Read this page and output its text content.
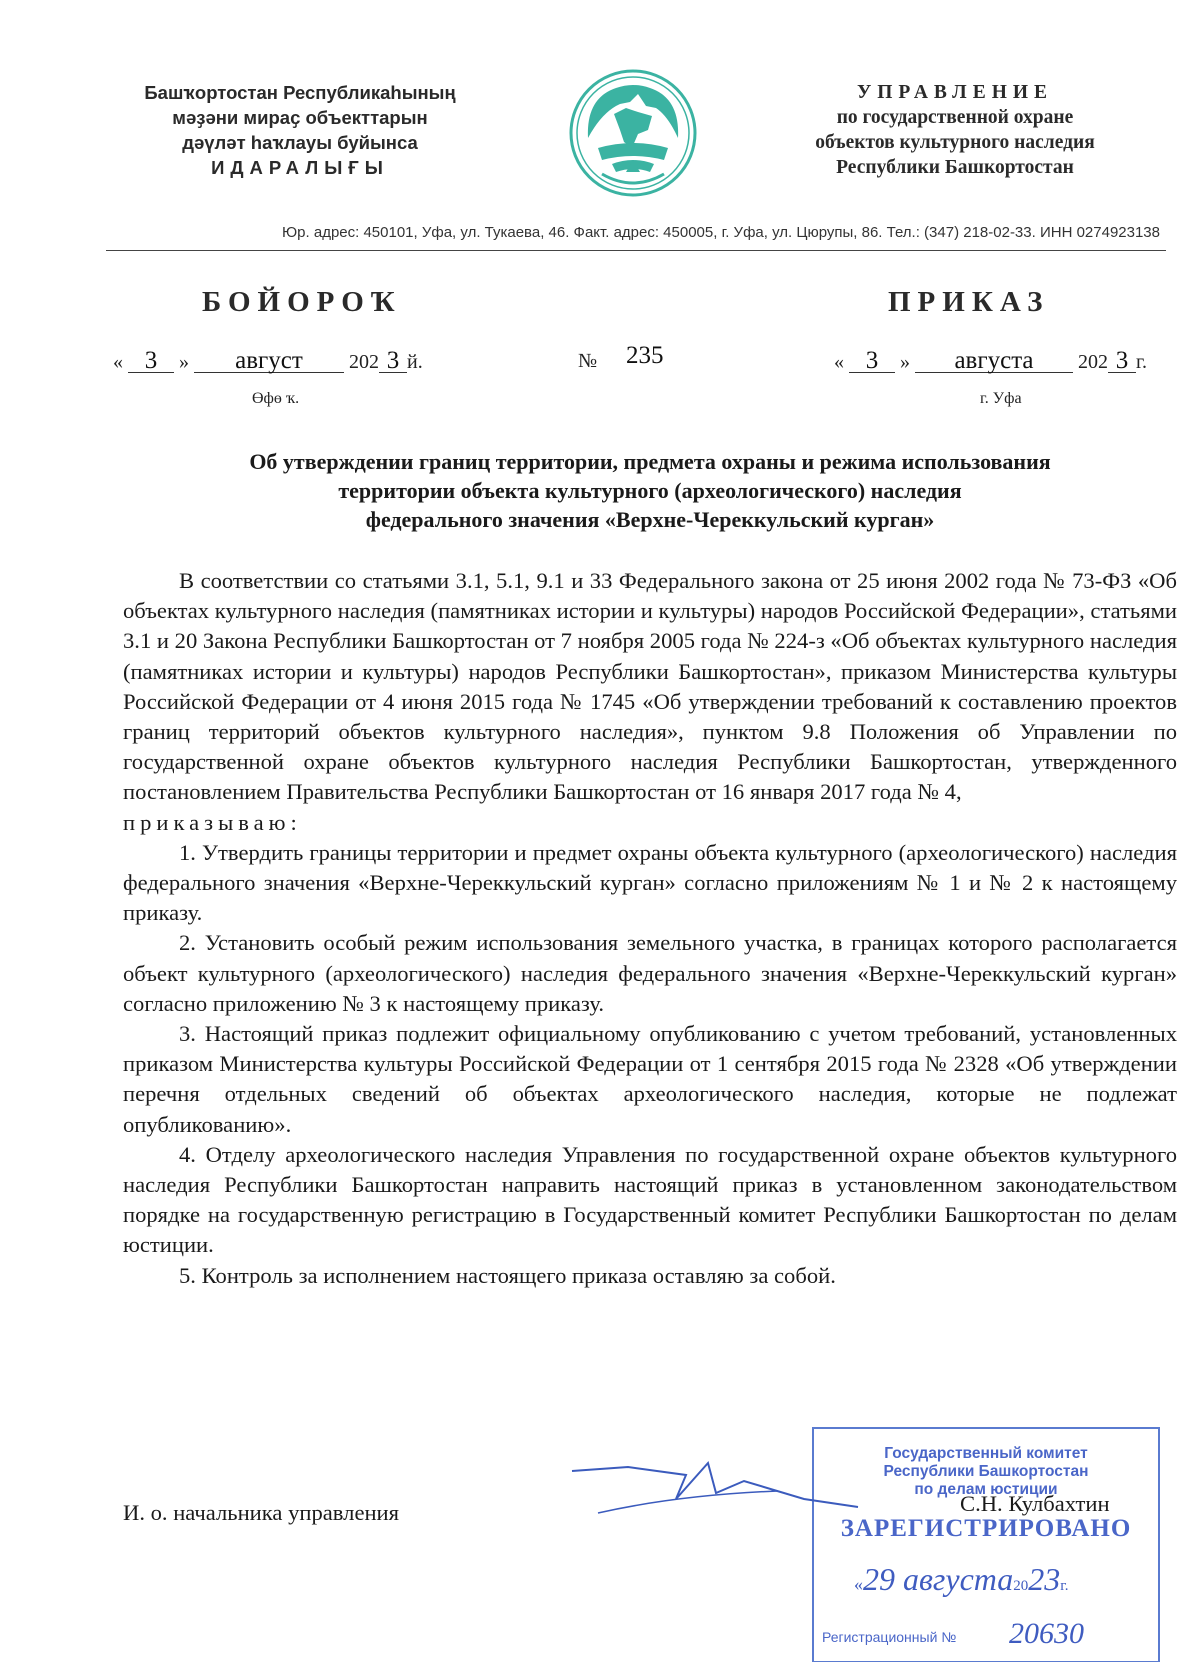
Башҡортостан Республикаһының
мәҙәни мираҫ объекттарын
дәүләт һаҡлауы буйынса
ИДАРАЛЫҒЫ
УПРАВЛЕНИЕ
по государственной охране
объектов культурного наследия
Республики Башкортостан
Юр. адрес: 450101, Уфа, ул. Тукаева, 46. Факт. адрес: 450005, г. Уфа, ул. Цюрупы, 86. Тел.: (347) 218-02-33. ИНН 0274923138
БОЙОРОҠ	ПРИКАЗ
« 3 » август 202 3 й.	№ 235	« 3 » августа 202 3 г.
Өфө ҡ.	г. Уфа
Об утверждении границ территории, предмета охраны и режима использования
территории объекта культурного (археологического) наследия
федерального значения «Верхне-Череккульский курган»

В соответствии со статьями 3.1, 5.1, 9.1 и 33 Федерального закона от 25 июня 2002 года № 73-ФЗ «Об объектах культурного наследия (памятниках истории и культуры) народов Российской Федерации», статьями 3.1 и 20 Закона Республики Башкортостан от 7 ноября 2005 года № 224-з «Об объектах культурного наследия (памятниках истории и культуры) народов Республики Башкортостан», приказом Министерства культуры Российской Федерации от 4 июня 2015 года № 1745 «Об утверждении требований к составлению проектов границ территорий объектов культурного наследия», пунктом 9.8 Положения об Управлении по государственной охране объектов культурного наследия Республики Башкортостан, утвержденного постановлением Правительства Республики Башкортостан от 16 января 2017 года № 4,

приказываю:

1. Утвердить границы территории и предмет охраны объекта культурного (археологического) наследия федерального значения «Верхне-Череккульский курган» согласно приложениям № 1 и № 2 к настоящему приказу.

2. Установить особый режим использования земельного участка, в границах которого располагается объект культурного (археологического) наследия федерального значения «Верхне-Череккульский курган» согласно приложению № 3 к настоящему приказу.

3. Настоящий приказ подлежит официальному опубликованию с учетом требований, установленных приказом Министерства культуры Российской Федерации от 1 сентября 2015 года № 2328 «Об утверждении перечня отдельных сведений об объектах археологического наследия, которые не подлежат опубликованию».

4. Отделу археологического наследия Управления по государственной охране объектов культурного наследия Республики Башкортостан направить настоящий приказ в установленном законодательством порядке на государственную регистрацию в Государственный комитет Республики Башкортостан по делам юстиции.

5. Контроль за исполнением настоящего приказа оставляю за собой.

И. о. начальника управления
Государственный комитет
Республики Башкортостан
по делам юстиции
ЗАРЕГИСТРИРОВАНО
«29 августа2023г.
Регистрационный № 20630
С.Н. Кулбахтин
